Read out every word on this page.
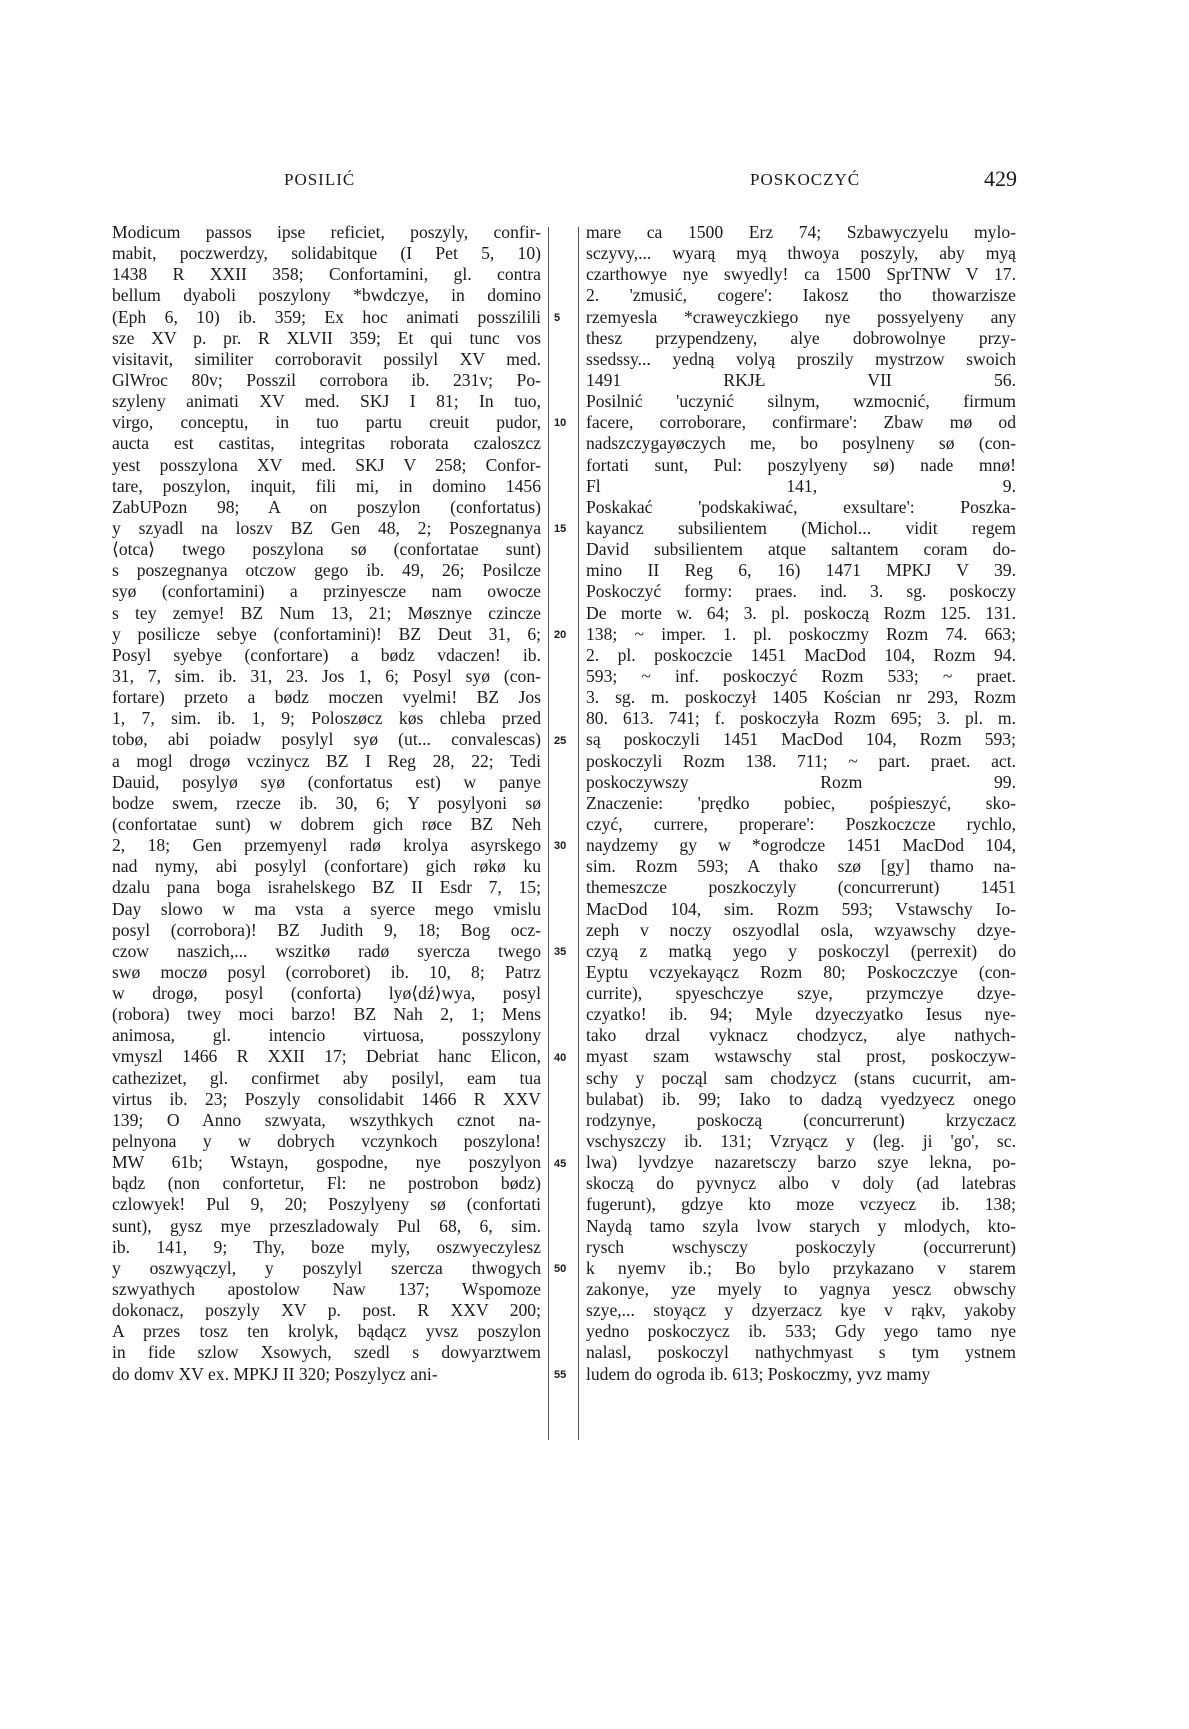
POSILIĆ	POSKOCZYĆ	429
Modicum passos ipse reficiet, poszyly, confir-
mabit, poczwerdzy, solidabitque (I Pet 5, 10)
1438 R XXII 358; Confortamini, gl. contra
bellum dyaboli poszylony *bwdczye, in domino
(Eph 6, 10) ib. 359; Ex hoc animati posszilili
sze XV p. pr. R XLVII 359; Et qui tunc vos
visitavit, similiter corroboravit possilyl XV med.
GlWroc 80v; Posszil corrobora ib. 231v; Po-
szyleny animati XV med. SKJ I 81; In tuo,
virgo, conceptu, in tuo partu creuit pudor,
aucta est castitas, integritas roborata czaloszcz
yest posszylona XV med. SKJ V 258; Confor-
tare, poszylon, inquit, fili mi, in domino 1456
ZabUPozn 98; A on poszylon (confortatus)
y szyadl na loszv BZ Gen 48, 2; Poszegnanya
⟨otca⟩ twego poszylona sø (confortatae sunt)
s poszegnanya otczow gego ib. 49, 26; Posilcze
syø (confortamini) a przinyescze nam owocze
s tey zemye! BZ Num 13, 21; Møsznye czincze
y posilicze sebye (confortamini)! BZ Deut 31, 6;
Posyl syebye (confortare) a bødz vdaczen! ib.
31, 7, sim. ib. 31, 23. Jos 1, 6; Posyl syø (con-
fortare) przeto a bødz moczen vyelmi! BZ Jos
1, 7, sim. ib. 1, 9; Poloszøcz køs chleba przed
tobø, abi poiadw posylyl syø (ut... convalescas)
a mogl drogø vczinycz BZ I Reg 28, 22; Tedi
Dauid, posylyø syø (confortatus est) w panye
bodze swem, rzecze ib. 30, 6; Y posylyoni sø
(confortatae sunt) w dobrem gich røce BZ Neh
2, 18; Gen przemyenyl radø krolya asyrskego
nad nymy, abi posylyl (confortare) gich røkø ku
dzalu pana boga israhelskego BZ II Esdr 7, 15;
Day slowo w ma vsta a syerce mego vmislu
posyl (corrobora)! BZ Judith 9, 18; Bog ocz-
czow naszich,... wszitkø radø syercza twego
swø moczø posyl (corroboret) ib. 10, 8; Patrz
w drogø, posyl (conforta) lyø⟨dź⟩wya, posyl
(robora) twey moci barzo! BZ Nah 2, 1; Mens
animosa, gl. intencio virtuosa, posszylony
vmyszl 1466 R XXII 17; Debriat hanc Elicon,
cathezizet, gl. confirmet aby posilyl, eam tua
virtus ib. 23; Poszyly consolidabit 1466 R XXV
139; O Anno szwyata, wszythkych cznot na-
pelnyona y w dobrych vczynkoch poszylona!
MW 61b; Wstayn, gospodne, nye poszylyon
bądz (non confortetur, Fl: ne postrobon bødz)
czlowyek! Pul 9, 20; Poszylyeny sø (confortati
sunt), gysz mye przeszladowaly Pul 68, 6, sim.
ib. 141, 9; Thy, boze myly, oszwyeczylesz
y oszwyączyl, y poszylyl szercza thwogych
szwyathych apostolow Naw 137; Wspomoze
dokonacz, poszyly XV p. post. R XXV 200;
A przes tosz ten krolyk, bądącz yvsz poszylon
in fide szlow Xsowych, szedl s dowyarztwem
do domv XV ex. MPKJ II 320; Poszylycz ani-
5
10
15
20
25
30
35
40
45
50
55
mare ca 1500 Erz 74; Szbawyczyelu mylo-
sczyvy,... wyarą myą thwoya poszyly, aby myą
czarthowye nye swyedly! ca 1500 SprTNW V 17.
2. 'zmusić, cogere': Iakosz tho thowarzisze
rzemyesla *craweyczkiego nye possyelyeny any
thesz przypendzeny, alye dobrowolnye przy-
ssedssy... yedną volyą proszily mystrzow swoich
1491 RKJŁ VII 56.
Posilnić 'uczynić silnym, wzmocnić, firmum
facere, corroborare, confirmare': Zbaw mø od
nadszczygayøczych me, bo posylneny sø (con-
fortati sunt, Pul: poszylyeny sø) nade mnø!
Fl 141, 9.
Poskakać 'podskakiwać, exsultare': Poszka-
kayancz subsilientem (Michol... vidit regem
David subsilientem atque saltantem coram do-
mino II Reg 6, 16) 1471 MPKJ V 39.
Poskoczyć formy: praes. ind. 3. sg. poskoczy
De morte w. 64; 3. pl. poskoczą Rozm 125. 131.
138; ~ imper. 1. pl. poskoczmy Rozm 74. 663;
2. pl. poskoczcie 1451 MacDod 104, Rozm 94.
593; ~ inf. poskoczyć Rozm 533; ~ praet.
3. sg. m. poskoczył 1405 Kościan nr 293, Rozm
80. 613. 741; f. poskoczyła Rozm 695; 3. pl. m.
są poskoczyli 1451 MacDod 104, Rozm 593;
poskoczyli Rozm 138. 711; ~ part. praet. act.
poskoczywszy Rozm 99.
Znaczenie: 'prędko pobiec, pośpieszyć, sko-
czyć, currere, properare': Poszkoczcze rychlo,
naydzemy gy w *ogrodcze 1451 MacDod 104,
sim. Rozm 593; A thako szø [gy] thamo na-
themeszcze poszkoczyly (concurrerunt) 1451
MacDod 104, sim. Rozm 593; Vstawschy Io-
zeph v noczy oszyodlal osla, wzyawschy dzye-
czyą z matką yego y poskoczyl (perrexit) do
Eyptu vczyekayącz Rozm 80; Poskoczczye (con-
currite), spyeschczye szye, przymczye dzye-
czyatko! ib. 94; Myle dzyeczyatko Iesus nye-
tako drzal vyknacz chodzycz, alye nathych-
myast szam wstawschy stal prost, poskoczyw-
schy y począl sam chodzycz (stans cucurrit, am-
bulabat) ib. 99; Iako to dadzą vyedzyecz onego
rodzynye, poskoczą (concurrerunt) krzyczacz
vschyszczy ib. 131; Vzryącz y (leg. ji 'go', sc.
lwa) lyvdzye nazaretsczy barzo szye lekna, po-
skoczą do pyvnycz albo v doly (ad latebras
fugerunt), gdzye kto moze vczyecz ib. 138;
Naydą tamo szyla lvow starych y mlodych, kto-
rysch wschysczy poskoczyly (occurrerunt)
k nyemv ib.; Bo bylo przykazano v starem
zakonye, yze myely to yagnya yescz obwschy
szye,... stoyącz y dzyerzacz kye v rąkv, yakoby
yedno poskoczycz ib. 533; Gdy yego tamo nye
nalasl, poskoczyl nathychmyast s tym ystnem
ludem do ogroda ib. 613; Poskoczmy, yvz mamy
